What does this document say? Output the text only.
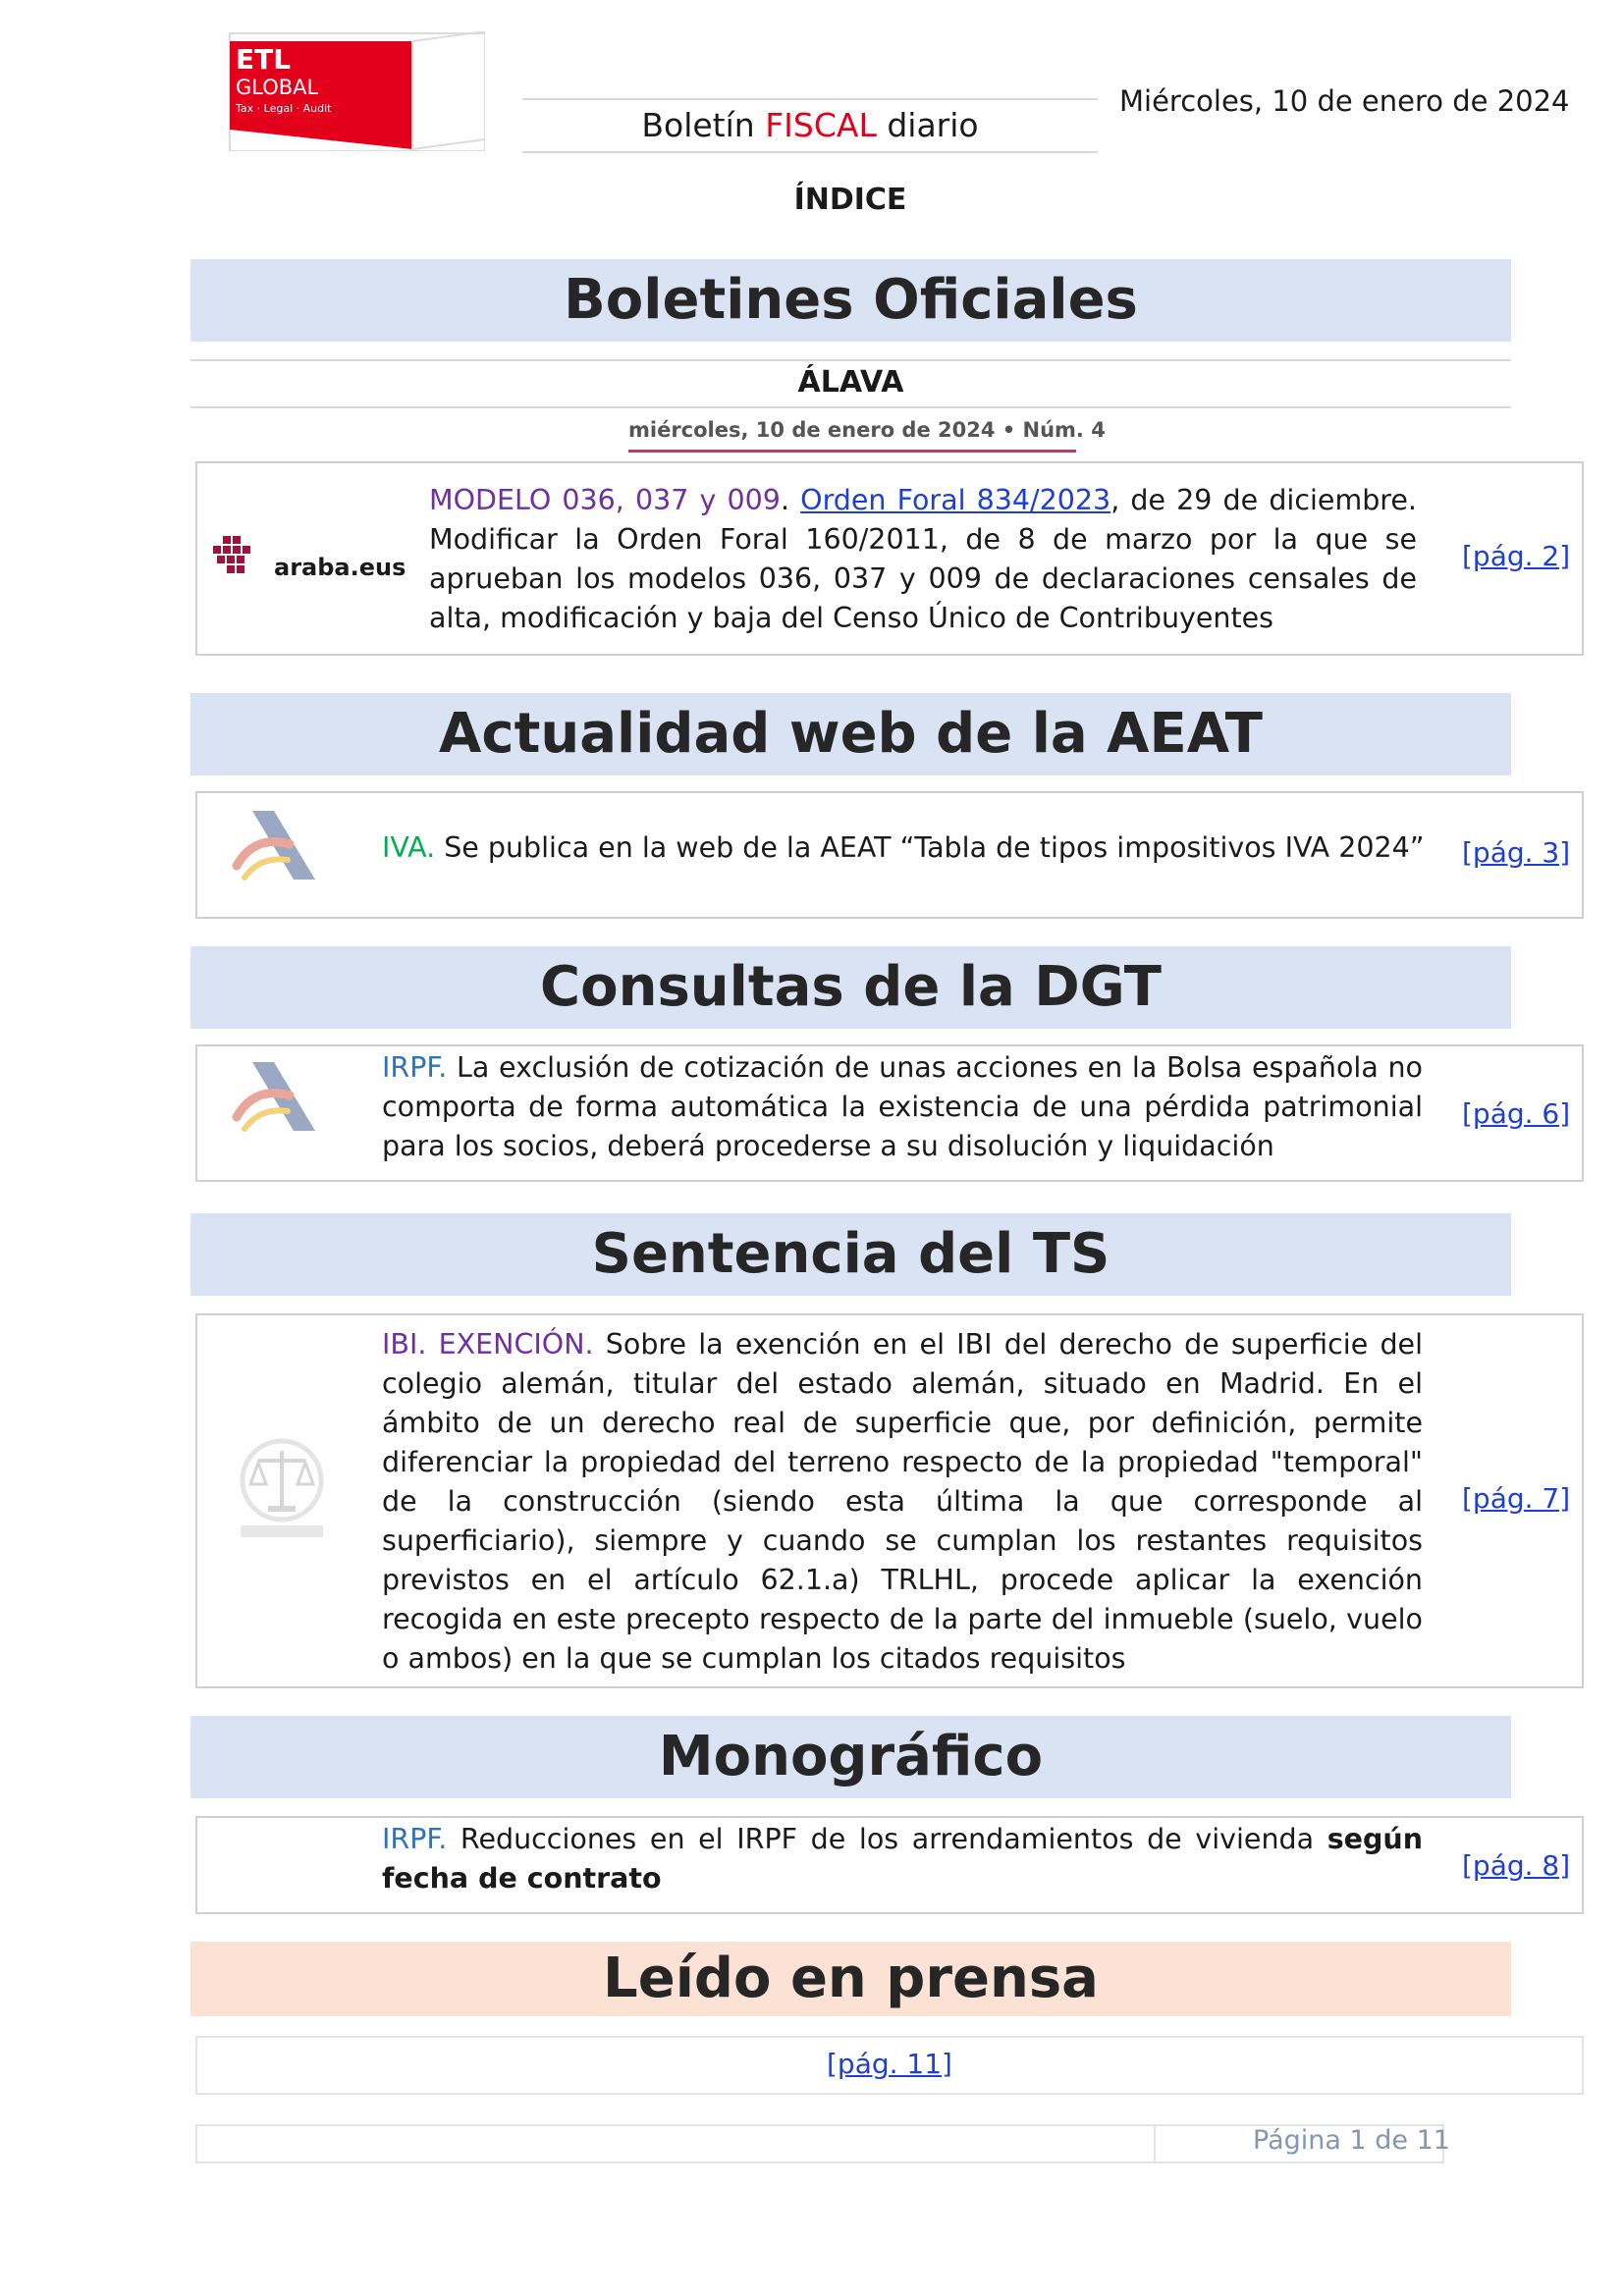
ETL
GLOBAL
Tax · Legal · Audit	Boletín FISCAL diario
Miércoles, 10 de enero de 2024
ÍNDICE
Boletines Oficiales
ÁLAVA
miércoles, 10 de enero de 2024 • Núm. 4
araba.eus
MODELO 036, 037 y 009. Orden Foral 834/2023, de 29 de diciembre. Modificar la Orden Foral 160/2011, de 8 de marzo por la que se aprueban los modelos 036, 037 y 009 de declaraciones censales de alta, modificación y baja del Censo Único de Contribuyentes
[pág. 2]
Actualidad web de la AEAT
IVA. Se publica en la web de la AEAT “Tabla de tipos impositivos IVA 2024” [pág. 3]
Consultas de la DGT
IRPF. La exclusión de cotización de unas acciones en la Bolsa española no comporta de forma automática la existencia de una pérdida patrimonial para los socios, deberá procederse a su disolución y liquidación
[pág. 6]
Sentencia del TS
IBI. EXENCIÓN. Sobre la exención en el IBI del derecho de superficie del colegio alemán, titular del estado alemán, situado en Madrid. En el ámbito de un derecho real de superficie que, por definición, permite diferenciar la propiedad del terreno respecto de la propiedad "temporal" de la construcción (siendo esta última la que corresponde al superficiario), siempre y cuando se cumplan los restantes requisitos previstos en el artículo 62.1.a) TRLHL, procede aplicar la exención recogida en este precepto respecto de la parte del inmueble (suelo, vuelo o ambos) en la que se cumplan los citados requisitos
[pág. 7]
Monográfico
IRPF. Reducciones en el IRPF de los arrendamientos de vivienda según fecha de contrato	[pág. 8]
Leído en prensa
[pág. 11]
Página 1 de 11
